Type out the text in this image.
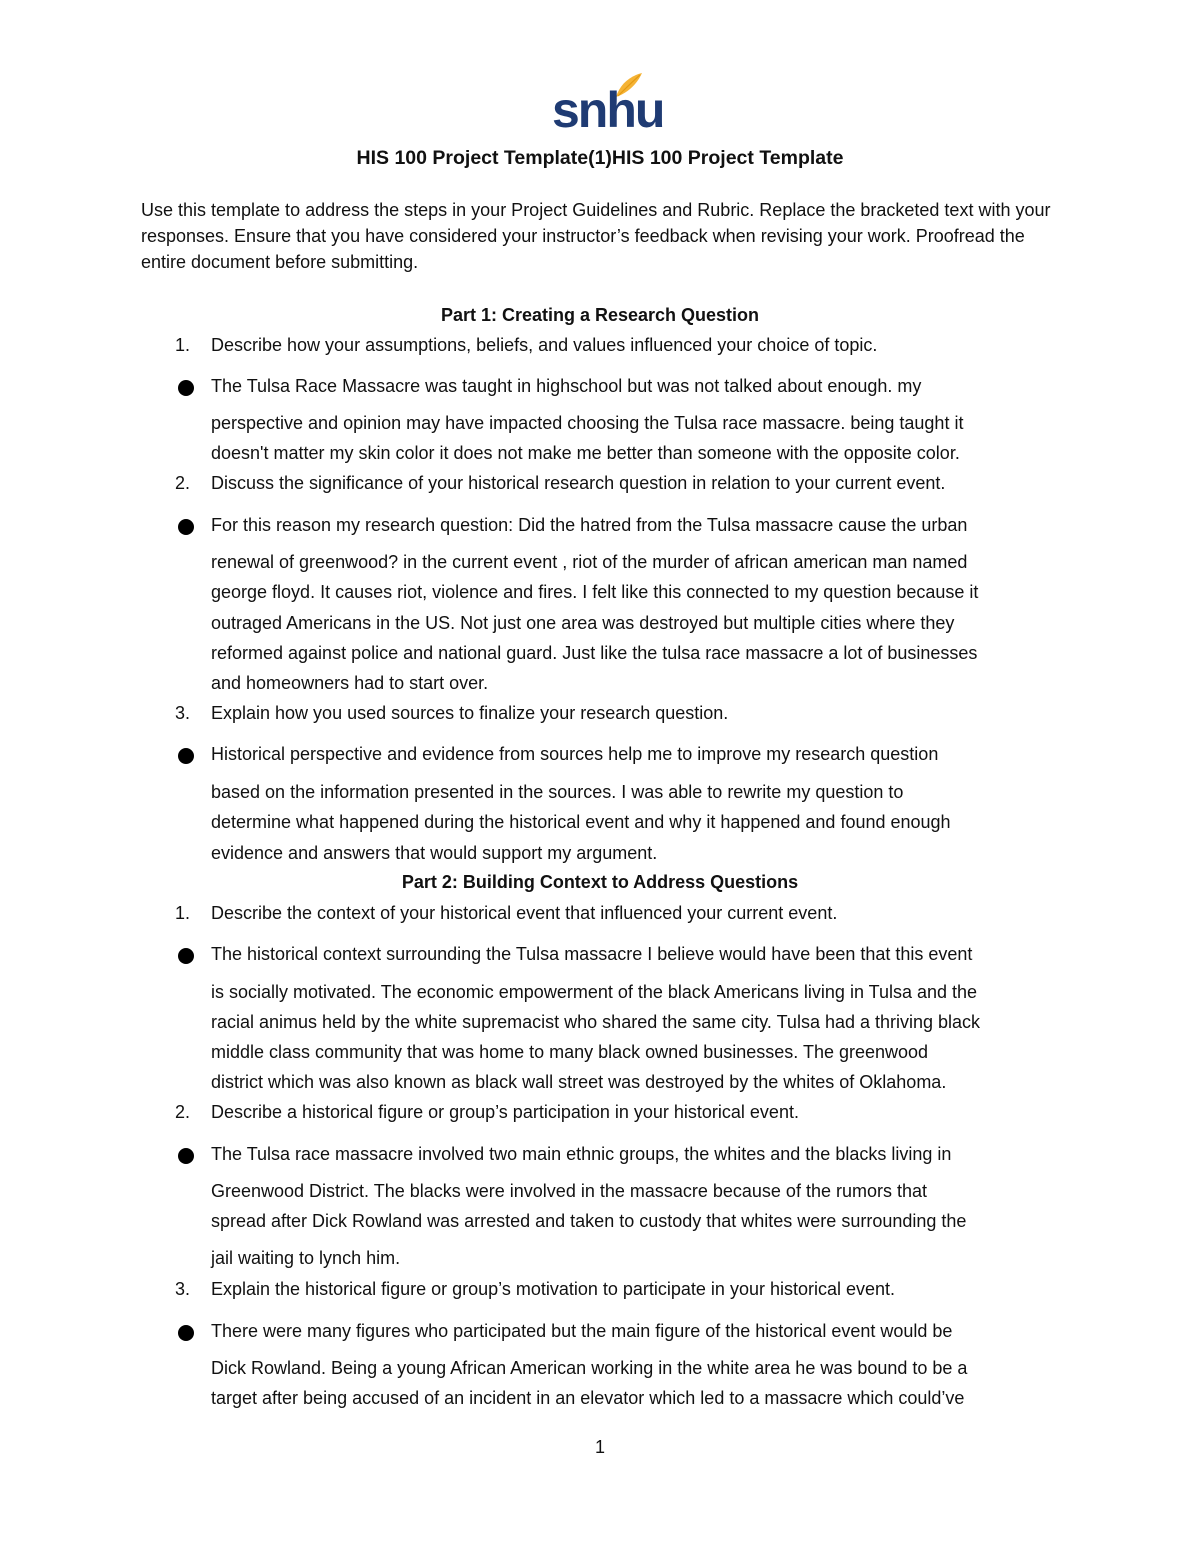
snhu
HIS 100 Project Template(1)HIS 100 Project Template
Use this template to address the steps in your Project Guidelines and Rubric. Replace the bracketed text with your responses. Ensure that you have considered your instructor’s feedback when revising your work. Proofread the entire document before submitting.
Part 1: Creating a Research Question
1. Describe how your assumptions, beliefs, and values influenced your choice of topic.
The Tulsa Race Massacre was taught in highschool but was not talked about enough. my
perspective and opinion may have impacted choosing the Tulsa race massacre. being taught it
doesn't matter my skin color it does not make me better than someone with the opposite color.
2. Discuss the significance of your historical research question in relation to your current event.
For this reason my research question: Did the hatred from the Tulsa massacre cause the urban
renewal of greenwood? in the current event , riot of the murder of african american man named
george floyd. It causes riot, violence and fires. I felt like this connected to my question because it
outraged Americans in the US. Not just one area was destroyed but multiple cities where they
reformed against police and national guard. Just like the tulsa race massacre a lot of businesses
and homeowners had to start over.
3. Explain how you used sources to finalize your research question.
Historical perspective and evidence from sources help me to improve my research question
based on the information presented in the sources. I was able to rewrite my question to
determine what happened during the historical event and why it happened and found enough
evidence and answers that would support my argument.
Part 2: Building Context to Address Questions
1. Describe the context of your historical event that influenced your current event.
The historical context surrounding the Tulsa massacre I believe would have been that this event
is socially motivated. The economic empowerment of the black Americans living in Tulsa and the
racial animus held by the white supremacist who shared the same city. Tulsa had a thriving black
middle class community that was home to many black owned businesses. The greenwood
district which was also known as black wall street was destroyed by the whites of Oklahoma.
2. Describe a historical figure or group’s participation in your historical event.
The Tulsa race massacre involved two main ethnic groups, the whites and the blacks living in
Greenwood District. The blacks were involved in the massacre because of the rumors that
spread after Dick Rowland was arrested and taken to custody that whites were surrounding the
jail waiting to lynch him.
3. Explain the historical figure or group’s motivation to participate in your historical event.
There were many figures who participated but the main figure of the historical event would be
Dick Rowland. Being a young African American working in the white area he was bound to be a
target after being accused of an incident in an elevator which led to a massacre which could’ve
1
